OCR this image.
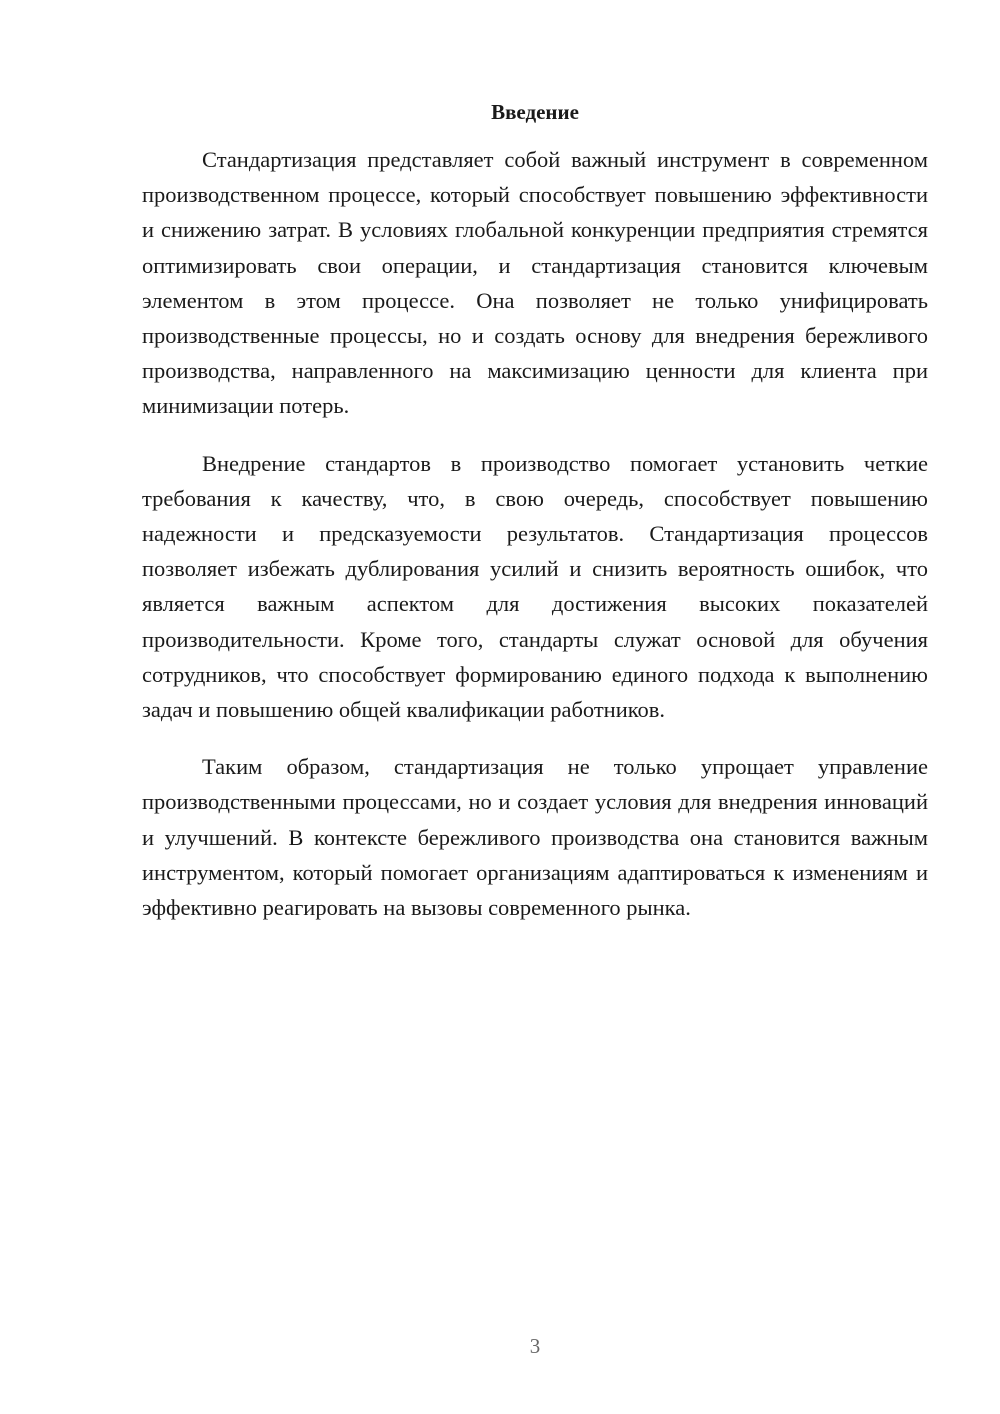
Введение

Стандартизация представляет собой важный инструмент в современном производственном процессе, который способствует повышению эффективности и снижению затрат. В условиях глобальной конкуренции предприятия стремятся оптимизировать свои операции, и стандартизация становится ключевым элементом в этом процессе. Она позволяет не только унифицировать производственные процессы, но и создать основу для внедрения бережливого производства, направленного на максимизацию ценности для клиента при минимизации потерь.

Внедрение стандартов в производство помогает установить четкие требования к качеству, что, в свою очередь, способствует повышению надежности и предсказуемости результатов. Стандартизация процессов позволяет избежать дублирования усилий и снизить вероятность ошибок, что является важным аспектом для достижения высоких показателей производительности. Кроме того, стандарты служат основой для обучения сотрудников, что способствует формированию единого подхода к выполнению задач и повышению общей квалификации работников.

Таким образом, стандартизация не только упрощает управление производственными процессами, но и создает условия для внедрения инноваций и улучшений. В контексте бережливого производства она становится важным инструментом, который помогает организациям адаптироваться к изменениям и эффективно реагировать на вызовы современного рынка.

3
